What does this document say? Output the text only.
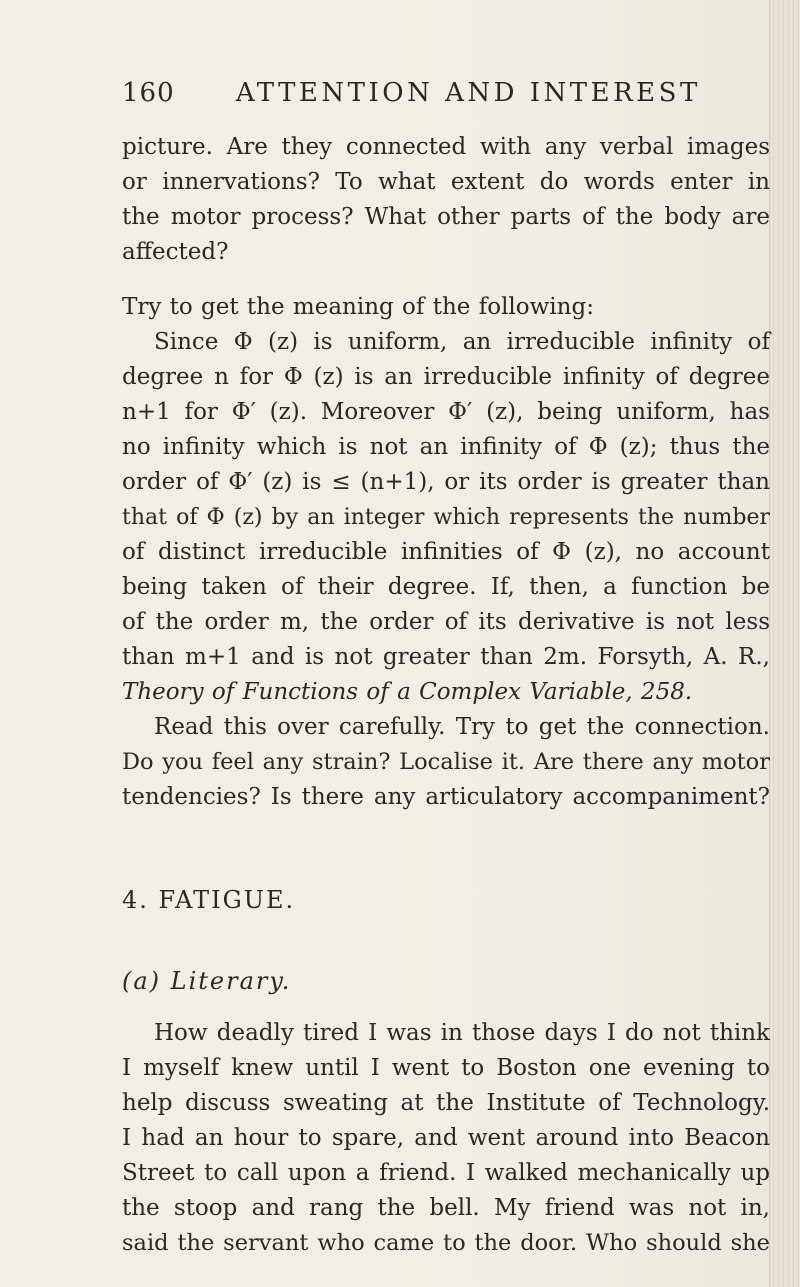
160 ATTENTION AND INTEREST
picture. Are they connected with any verbal images
or innervations? To what extent do words enter in
the motor process? What other parts of the body are
affected?
Try to get the meaning of the following:
Since Φ (z) is uniform, an irreducible infinity of
degree n for Φ (z) is an irreducible infinity of degree
n+1 for Φ′ (z). Moreover Φ′ (z), being uniform, has
no infinity which is not an infinity of Φ (z); thus the
order of Φ′ (z) is ≤ (n+1), or its order is greater than
that of Φ (z) by an integer which represents the number
of distinct irreducible infinities of Φ (z), no account
being taken of their degree. If, then, a function be
of the order m, the order of its derivative is not less
than m+1 and is not greater than 2m. Forsyth, A. R.,
Theory of Functions of a Complex Variable, 258.
Read this over carefully. Try to get the connection.
Do you feel any strain? Localise it. Are there any motor
tendencies? Is there any articulatory accompaniment?
4. FATIGUE.
(a) Literary.
How deadly tired I was in those days I do not think
I myself knew until I went to Boston one evening to
help discuss sweating at the Institute of Technology.
I had an hour to spare, and went around into Beacon
Street to call upon a friend. I walked mechanically up
the stoop and rang the bell. My friend was not in,
said the servant who came to the door. Who should she
